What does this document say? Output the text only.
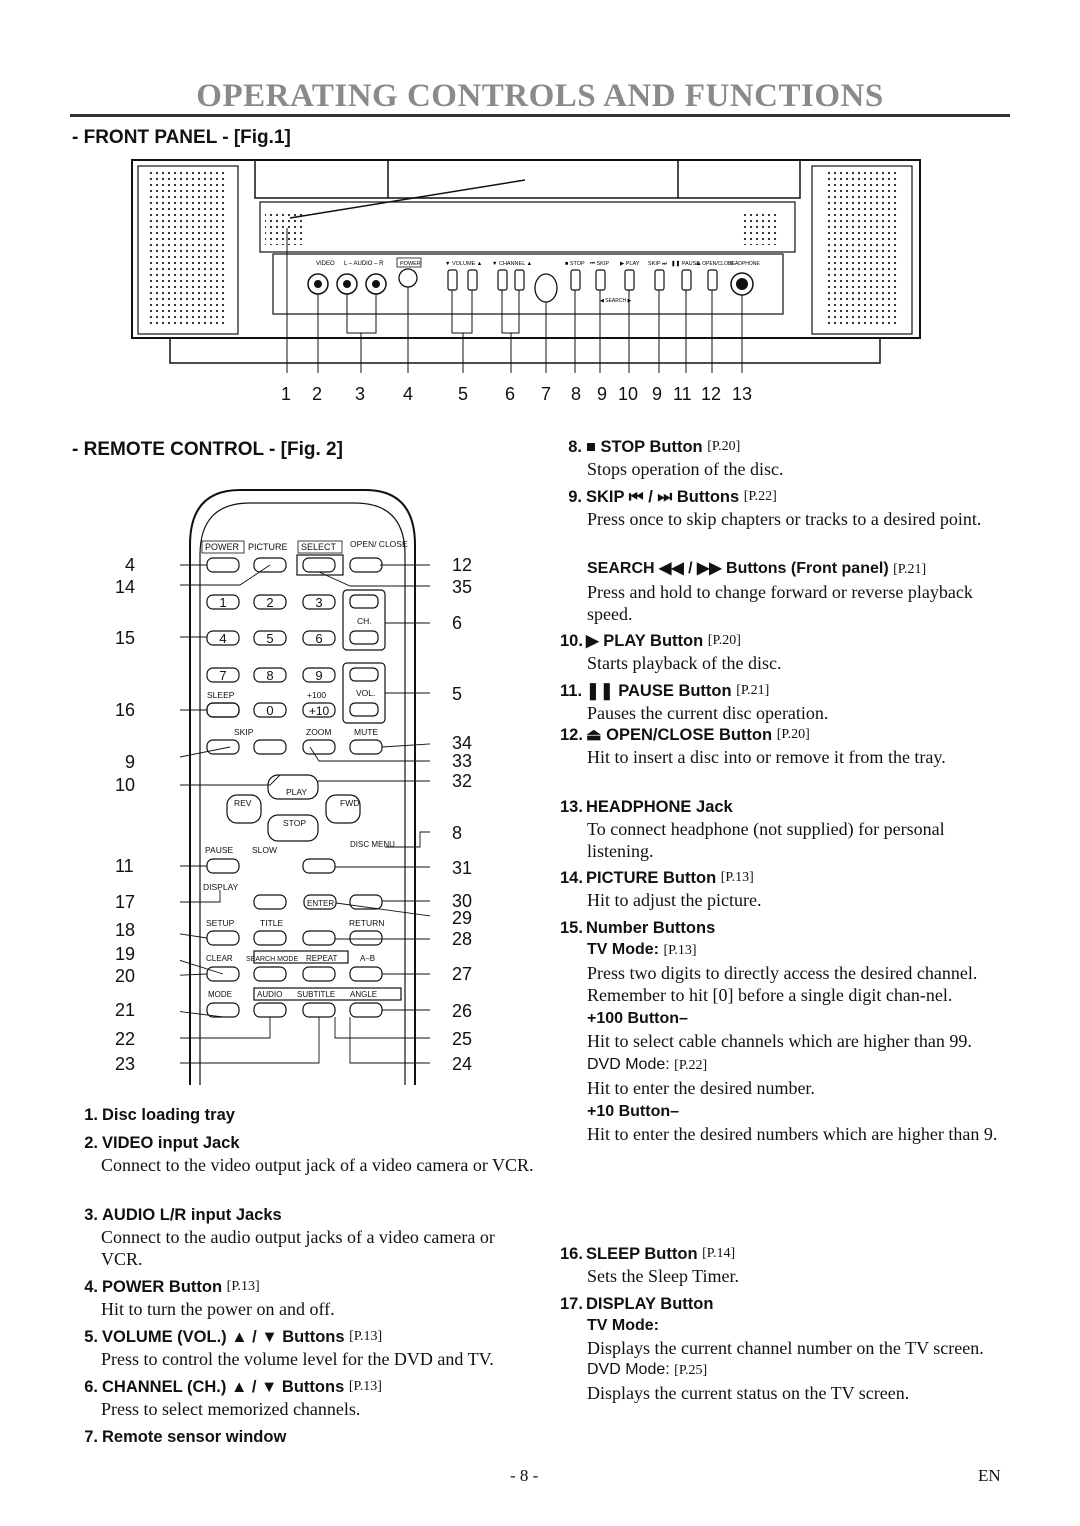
OPERATING CONTROLS AND FUNCTIONS
- FRONT PANEL - [Fig.1]
VIDEO L – AUDIO – R	POWER	▼ VOLUME ▲ ▼ CHANNEL ▲	■ STOP ⏮ SKIP ▶ PLAY SKIP ⏭ ❚❚ PAUSE
⏏ OPEN/CLOSE
HEADPHONE
◀ SEARCH ▶
1 2 3 4 5 6 7 8 9 10 9 11 12 13
- REMOTE CONTROL - [Fig. 2]
POWER PICTURE SELECT OPEN/ CLOSE
1	2	3
4	5	6
7	8	9
0	+10
CH.
VOL.
SLEEP	+100
SKIP	ZOOM	MUTE
PLAY
REV	FWD
STOP
PAUSE SLOW
DISC MENU
DISPLAY
ENTER
SETUP	TITLE	RETURN
CLEAR SEARCH MODE REPEAT	A–B
MODE	AUDIO SUBTITLE ANGLE
4
14
15
16
9
10
11
17
18
19
20
21
22
23
12
35
6
5
34
33
32
8
31
30
29
28
27
26
25
24
1. Disc loading tray
2. VIDEO input Jack
Connect to the video output jack of a video camera or VCR.
3. AUDIO L/R input Jacks
Connect to the audio output jacks of a video camera or VCR.
4. POWER Button
[P.13]
Hit to turn the power on and off.
5. VOLUME (VOL.) ▲ / ▼ Buttons
[P.13]
Press to control the volume level for the DVD and TV.
6. CHANNEL (CH.) ▲ / ▼ Buttons
[P.13]
Press to select memorized channels.
7. Remote sensor window
8. ■ STOP Button
[P.20]
Stops operation of the disc.
9. SKIP ⏮ / ⏭ Buttons
[P.22]
Press once to skip chapters or tracks to a desired point.
SEARCH ◀◀ / ▶▶ Buttons (Front panel) [P.21]
Press and hold to change forward or reverse playback speed.
10. ▶ PLAY Button
[P.20]
Starts playback of the disc.
11. ❚❚ PAUSE Button
[P.21]
Pauses the current disc operation.
12. ⏏ OPEN/CLOSE Button
[P.20]
Hit to insert a disc into or remove it from the tray.
13. HEADPHONE Jack
To connect headphone (not supplied) for personal listening.
14. PICTURE Button
[P.13]
Hit to adjust the picture.
15. Number Buttons
TV Mode: [P.13]
Press two digits to directly access the desired channel.
Remember to hit [0] before a single digit chan-nel.
+100 Button–
Hit to select cable channels which are higher than 99.
DVD Mode: [P.22]
Hit to enter the desired number.
+10 Button–
Hit to enter the desired numbers which are higher than 9.
16. SLEEP Button
[P.14]
Sets the Sleep Timer.
17. DISPLAY Button
TV Mode:
Displays the current channel number on the TV screen.
DVD Mode: [P.25]
Displays the current status on the TV screen.
- 8 -	EN
